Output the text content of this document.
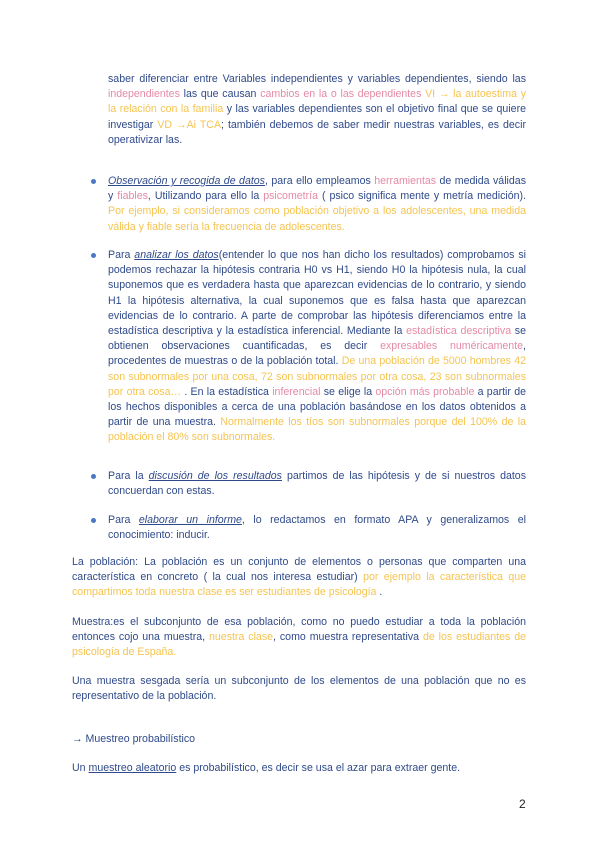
saber diferenciar entre Variables independientes y variables dependientes, siendo las independientes las que causan cambios en la o las dependientes VI → la autoestima y la relación con la familia y las variables dependientes son el objetivo final que se quiere investigar VD →Ai TCA; también debemos de saber medir nuestras variables, es decir operativizar las.
Observación y recogida de datos, para ello empleamos herramientas de medida válidas y fiables, Utilizando para ello la psicometría ( psico significa mente y metría medición). Por ejemplo, si consideramos como población objetivo a los adolescentes, una medida válida y fiable sería la frecuencia de adolescentes.
Para analizar los datos(entender lo que nos han dicho los resultados) comprobamos si podemos rechazar la hipótesis contraria H0 vs H1, siendo H0 la hipótesis nula, la cual suponemos que es verdadera hasta que aparezcan evidencias de lo contrario, y siendo H1 la hipótesis alternativa, la cual suponemos que es falsa hasta que aparezcan evidencias de lo contrario. A parte de comprobar las hipótesis diferenciamos entre la estadística descriptiva y la estadística inferencial. Mediante la estadística descriptiva se obtienen observaciones cuantificadas, es decir expresables numéricamente, procedentes de muestras o de la población total. De una población de 5000 hombres 42 son subnormales por una cosa, 72 son subnormales por otra cosa, 23 son subnormales por otra cosa… . En la estadística inferencial se elige la opción más probable a partir de los hechos disponibles a cerca de una población basándose en los datos obtenidos a partir de una muestra. Normalmente los tíos son subnormales porque del 100% de la población el 80% son subnormales.
Para la discusión de los resultados partimos de las hipótesis y de si nuestros datos concuerdan con estas.
Para elaborar un informe, lo redactamos en formato APA y generalizamos el conocimiento: inducir.
La población: La población es un conjunto de elementos o personas que comparten una característica en concreto ( la cual nos interesa estudiar) por ejemplo la característica que compartimos toda nuestra clase es ser estudiantes de psicología .
Muestra:es el subconjunto de esa población, como no puedo estudiar a toda la población entonces cojo una muestra, nuestra clase, como muestra representativa de los estudiantes de psicología de España.
Una muestra sesgada sería un subconjunto de los elementos de una población que no es representativo de la población.
→ Muestreo probabilístico
Un muestreo aleatorio es probabilístico, es decir se usa el azar para extraer gente.
2
